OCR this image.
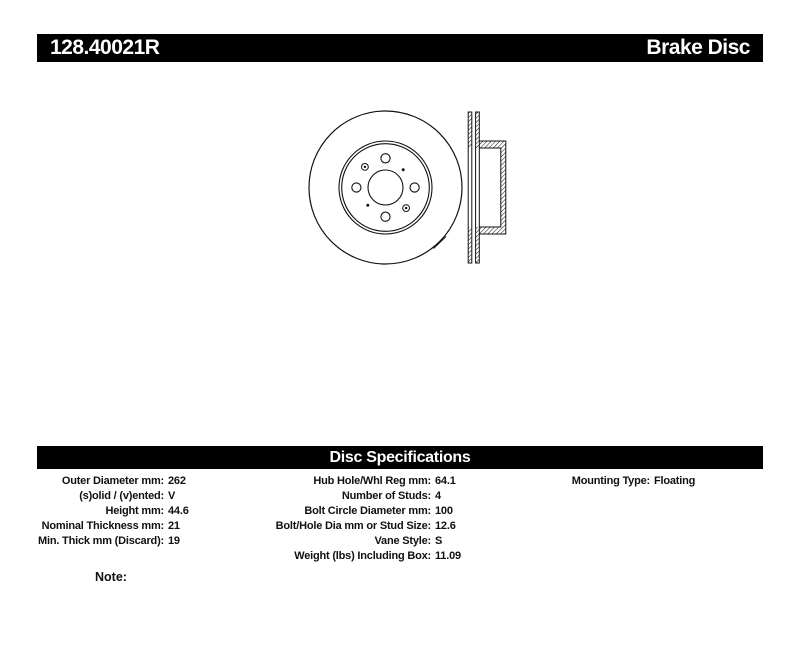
128.40021R	Brake Disc
Disc Specifications
Outer Diameter mm: 262
(s)olid / (v)ented: V
Height mm: 44.6
Nominal Thickness mm: 21
Min. Thick mm (Discard): 19
Hub Hole/Whl Reg mm: 64.1
Number of Studs: 4
Bolt Circle Diameter mm: 100
Bolt/Hole Dia mm or Stud Size: 12.6
Vane Style: S
Weight (lbs) Including Box: 11.09
Mounting Type: Floating
Note:
